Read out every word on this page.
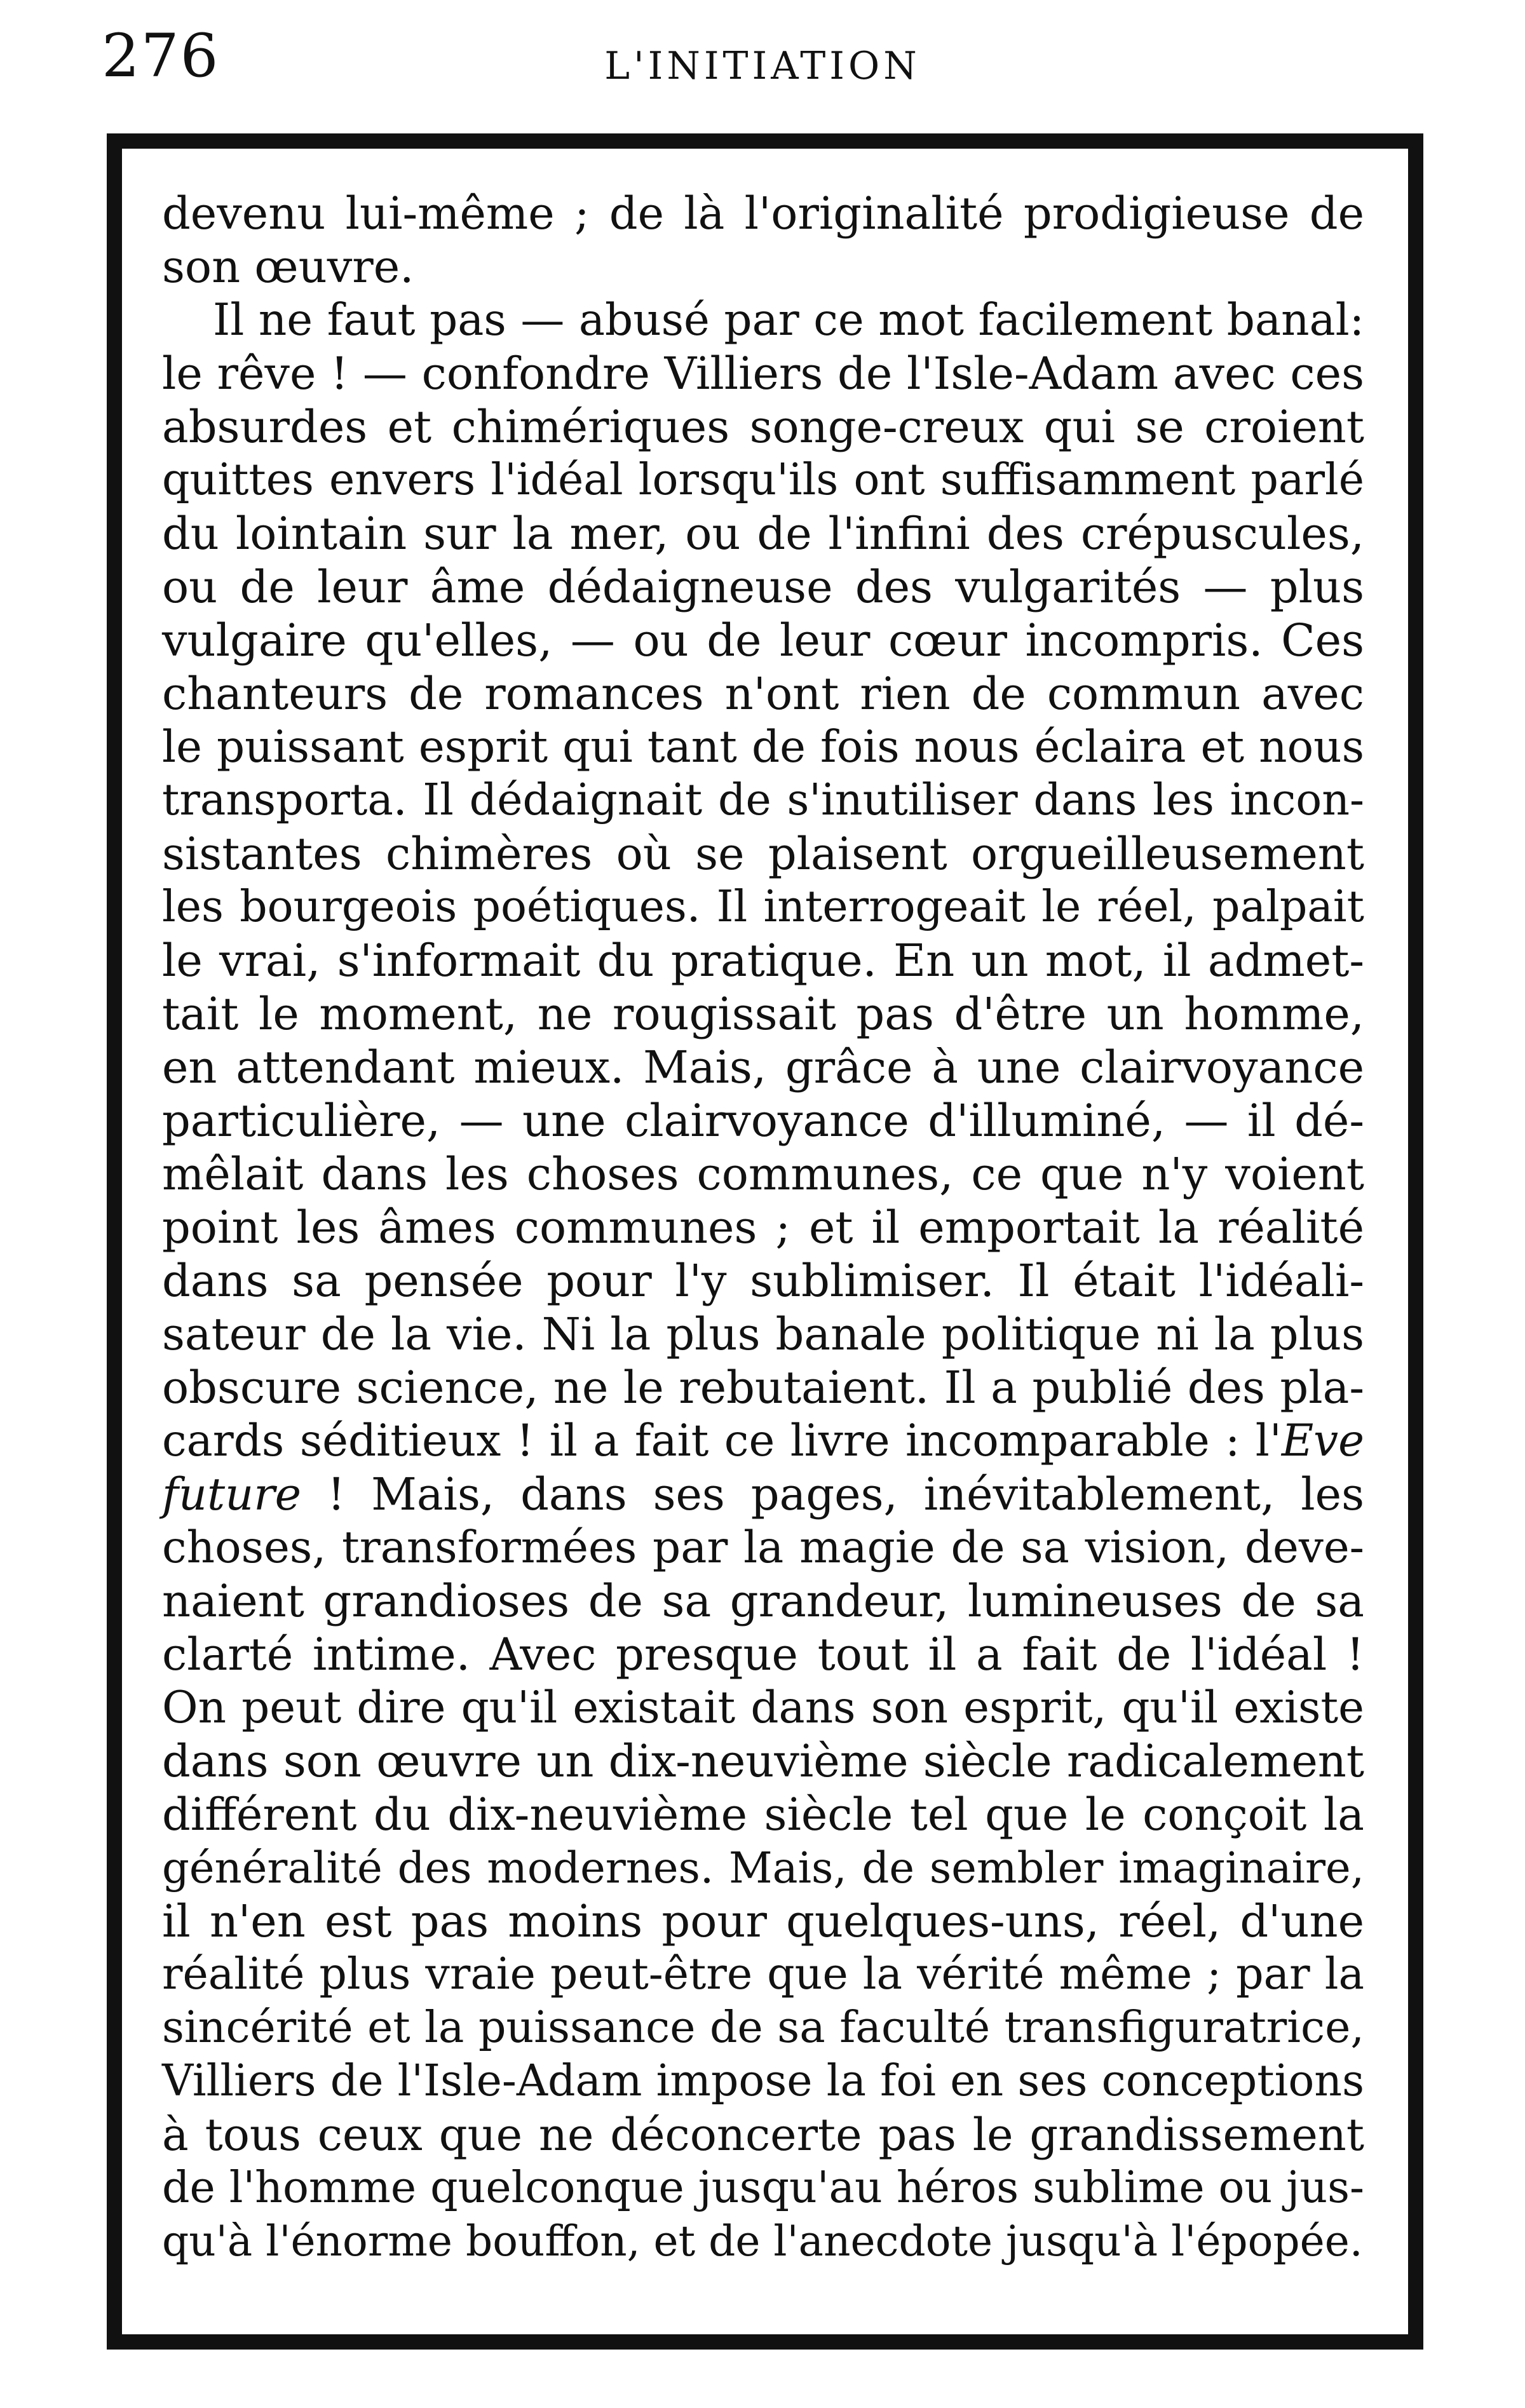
276	L'INITIATION
devenu lui-même ; de là l'originalité prodigieuse de
son œuvre.
Il ne faut pas — abusé par ce mot facilement banal:
le rêve ! — confondre Villiers de l'Isle-Adam avec ces
absurdes et chimériques songe-creux qui se croient
quittes envers l'idéal lorsqu'ils ont suffisamment parlé
du lointain sur la mer, ou de l'infini des crépuscules,
ou de leur âme dédaigneuse des vulgarités — plus
vulgaire qu'elles, — ou de leur cœur incompris. Ces
chanteurs de romances n'ont rien de commun avec
le puissant esprit qui tant de fois nous éclaira et nous
transporta. Il dédaignait de s'inutiliser dans les incon-
sistantes chimères où se plaisent orgueilleusement
les bourgeois poétiques. Il interrogeait le réel, palpait
le vrai, s'informait du pratique. En un mot, il admet-
tait le moment, ne rougissait pas d'être un homme,
en attendant mieux. Mais, grâce à une clairvoyance
particulière, — une clairvoyance d'illuminé, — il dé-
mêlait dans les choses communes, ce que n'y voient
point les âmes communes ; et il emportait la réalité
dans sa pensée pour l'y sublimiser. Il était l'idéali-
sateur de la vie. Ni la plus banale politique ni la plus
obscure science, ne le rebutaient. Il a publié des pla-
cards séditieux ! il a fait ce livre incomparable : l'Eve
future ! Mais, dans ses pages, inévitablement, les
choses, transformées par la magie de sa vision, deve-
naient grandioses de sa grandeur, lumineuses de sa
clarté intime. Avec presque tout il a fait de l'idéal !
On peut dire qu'il existait dans son esprit, qu'il existe
dans son œuvre un dix-neuvième siècle radicalement
différent du dix-neuvième siècle tel que le conçoit la
généralité des modernes. Mais, de sembler imaginaire,
il n'en est pas moins pour quelques-uns, réel, d'une
réalité plus vraie peut-être que la vérité même ; par la
sincérité et la puissance de sa faculté transfiguratrice,
Villiers de l'Isle-Adam impose la foi en ses conceptions
à tous ceux que ne déconcerte pas le grandissement
de l'homme quelconque jusqu'au héros sublime ou jus-
qu'à l'énorme bouffon, et de l'anecdote jusqu'à l'épopée.
